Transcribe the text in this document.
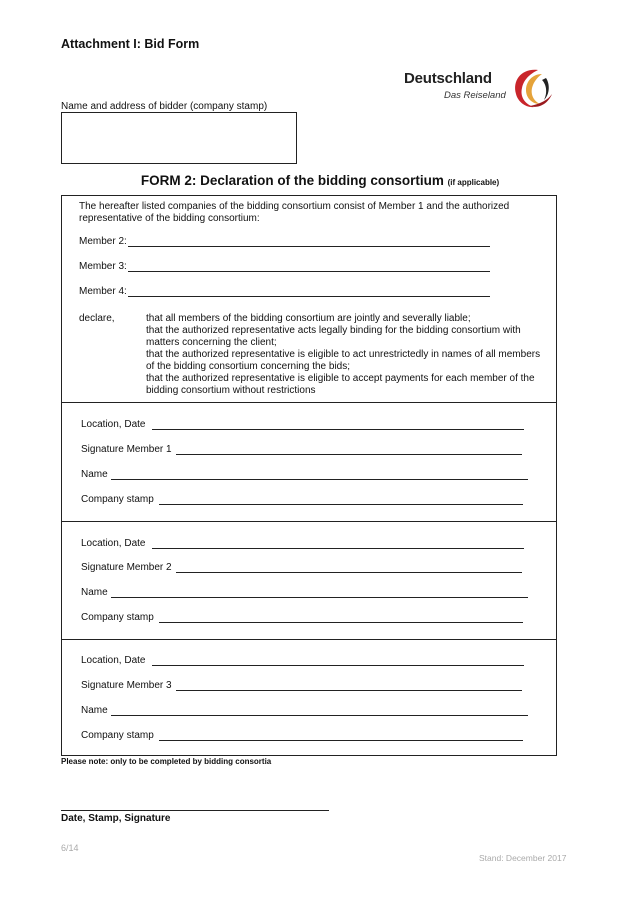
Attachment I: Bid Form
Deutschland
Das Reiseland
Name and address of bidder (company stamp)
FORM 2: Declaration of the bidding consortium (if applicable)
The hereafter listed companies of the bidding consortium consist of Member 1 and the authorized representative of the bidding consortium:
Member 2:
Member 3:
Member 4:
declare,	that all members of the bidding consortium are jointly and severally liable;
that the authorized representative acts legally binding for the bidding consortium with matters concerning the client;
that the authorized representative is eligible to act unrestrictedly in names of all members of the bidding consortium concerning the bids;
that the authorized representative is eligible to accept payments for each member of the bidding consortium without restrictions
Location, Date
Signature Member 1
Name
Company stamp
Location, Date
Signature Member 2
Name
Company stamp
Location, Date
Signature Member 3
Name
Company stamp
Please note: only to be completed by bidding consortia
Date, Stamp, Signature
6/14
Stand: December 2017
